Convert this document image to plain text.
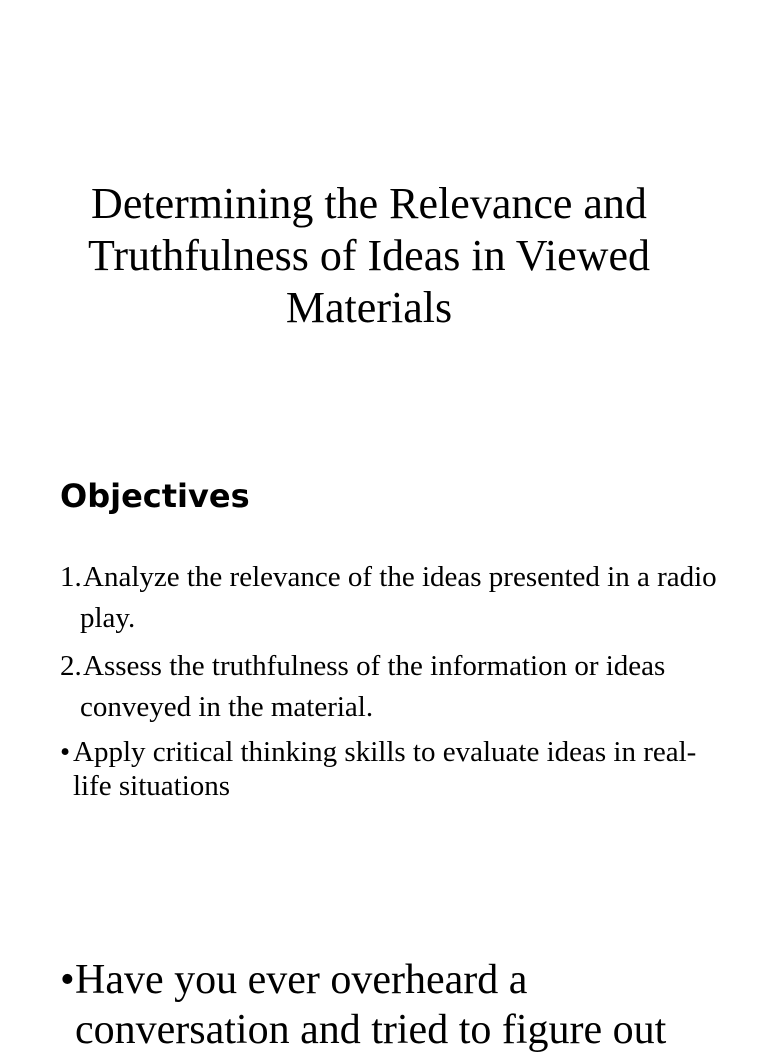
Determining the Relevance and Truthfulness of Ideas in Viewed Materials
Objectives
1. Analyze the relevance of the ideas presented in a radio play.
2. Assess the truthfulness of the information or ideas conveyed in the material.
• Apply critical thinking skills to evaluate ideas in real-life situations

• Have you ever overheard a conversation and tried to figure out
